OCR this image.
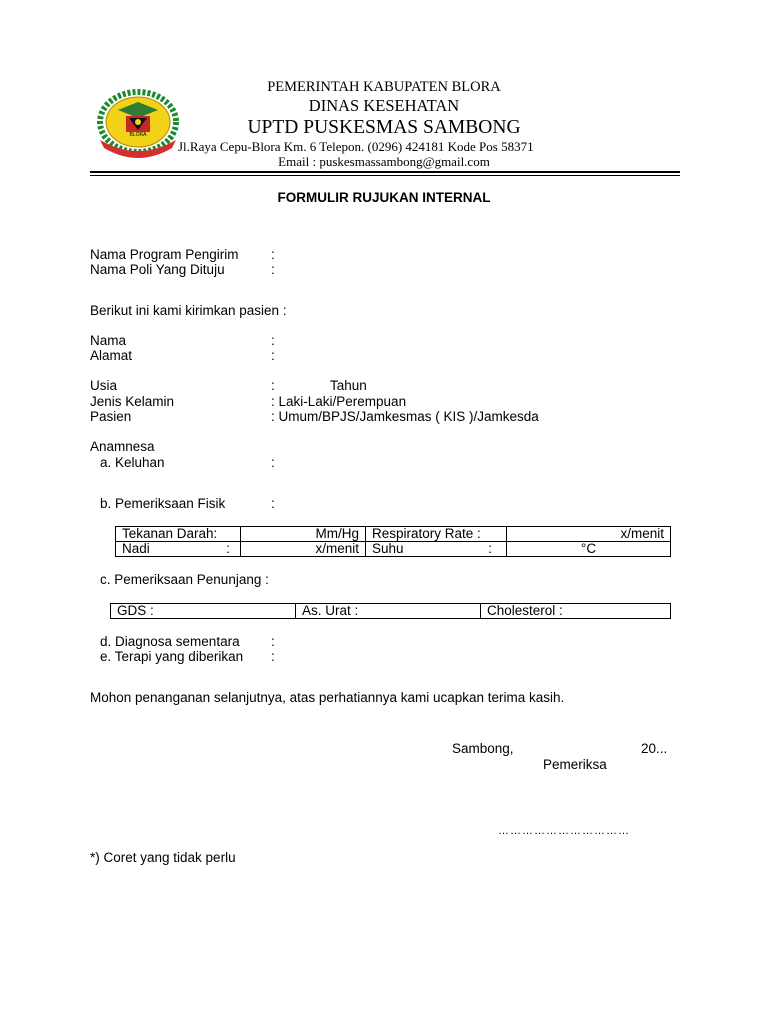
BLORA
PEMERINTAH KABUPATEN BLORA
DINAS KESEHATAN
UPTD PUSKESMAS SAMBONG
Jl.Raya Cepu-Blora Km. 6 Telepon. (0296) 424181 Kode Pos 58371
Email : puskesmassambong@gmail.com
FORMULIR RUJUKAN INTERNAL
Nama Program Pengirim :
Nama Poli Yang Dituju	:
Berikut ini kami kirimkan pasien :
Nama	:
Alamat	:
Usia	:	Tahun
Jenis Kelamin	: Laki-Laki/Perempuan
Pasien	: Umum/BPJS/Jamkesmas ( KIS )/Jamkesda
Anamnesa
a. Keluhan	:
b. Pemeriksaan Fisik	:
Tekanan Darah:	Mm/Hg	Respiratory Rate :	x/menit
Nadi :	x/menit	Suhu :	°C
c. Pemeriksaan Penunjang :
GDS :	As. Urat :	Cholesterol :
d. Diagnosa sementara :
e. Terapi yang diberikan :
Mohon penanganan selanjutnya, atas perhatiannya kami ucapkan terima kasih.
Sambong,	20...
Pemeriksa
……………………………
*) Coret yang tidak perlu
